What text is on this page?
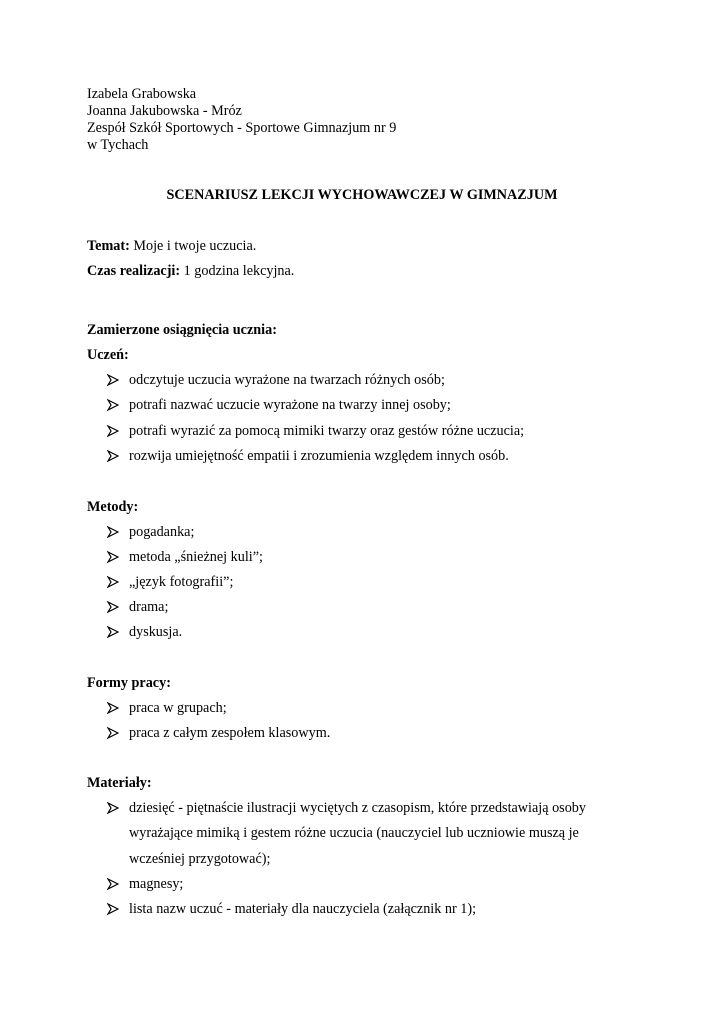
Izabela Grabowska
Joanna Jakubowska - Mróz
Zespół Szkół Sportowych - Sportowe Gimnazjum nr 9
w Tychach
SCENARIUSZ LEKCJI WYCHOWAWCZEJ W GIMNAZJUM
Temat: Moje i twoje uczucia.
Czas realizacji: 1 godzina lekcyjna.
Zamierzone osiągnięcia ucznia:
Uczeń:
odczytuje uczucia wyrażone na twarzach różnych osób;
potrafi nazwać uczucie wyrażone na twarzy innej osoby;
potrafi wyrazić za pomocą mimiki twarzy oraz gestów różne uczucia;
rozwija umiejętność empatii i zrozumienia względem innych osób.
Metody:
pogadanka;
metoda „śnieżnej kuli”;
„język fotografii”;
drama;
dyskusja.
Formy pracy:
praca w grupach;
praca z całym zespołem klasowym.
Materiały:
dziesięć - piętnaście ilustracji wyciętych z czasopism, które przedstawiają osoby
wyrażające mimiką i gestem różne uczucia (nauczyciel lub uczniowie muszą je
wcześniej przygotować);
magnesy;
lista nazw uczuć - materiały dla nauczyciela (załącznik nr 1);
